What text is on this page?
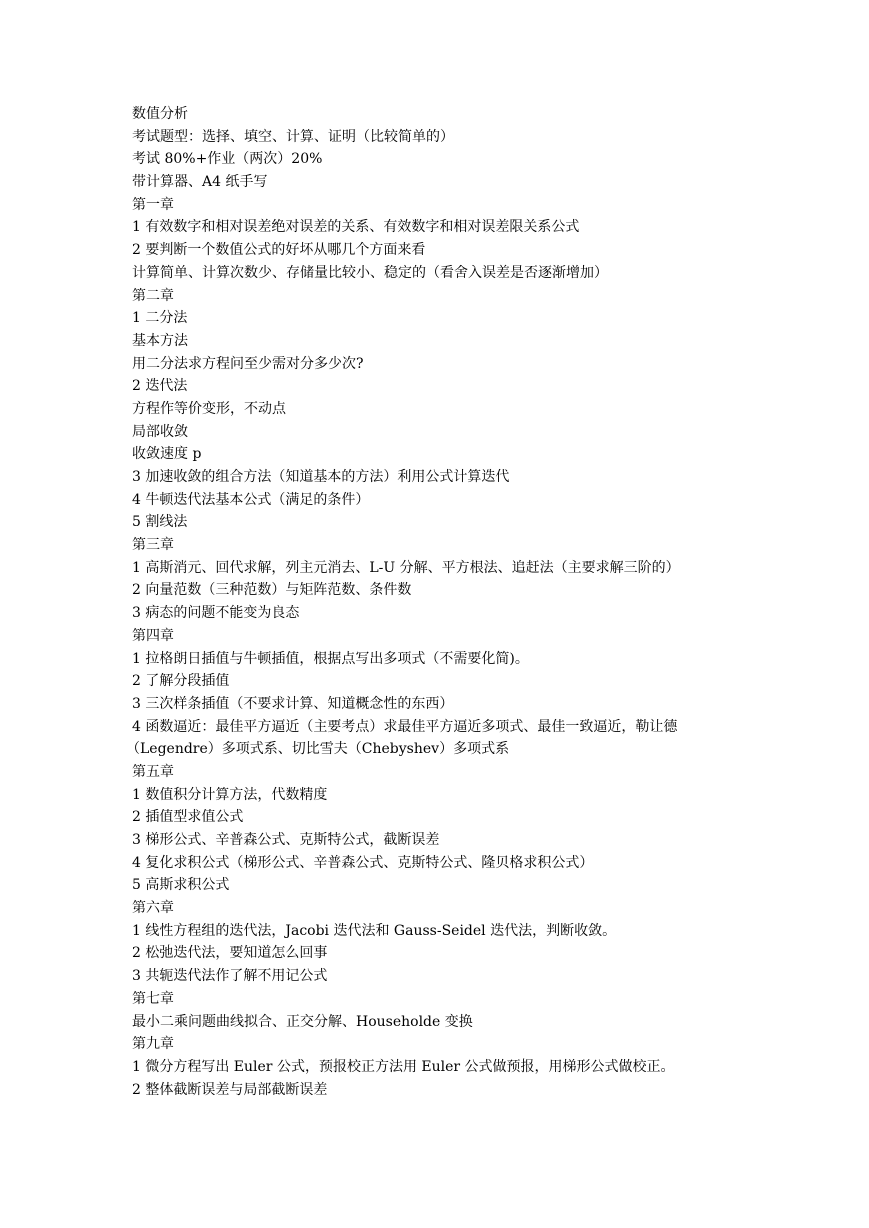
数值分析
考试题型：选择、填空、计算、证明（比较简单的）
考试 80%+作业（两次）20%
带计算器、A4 纸手写
第一章
1 有效数字和相对误差绝对误差的关系、有效数字和相对误差限关系公式
2 要判断一个数值公式的好坏从哪几个方面来看
计算简单、计算次数少、存储量比较小、稳定的（看舍入误差是否逐渐增加）
第二章
1 二分法
基本方法
用二分法求方程问至少需对分多少次?
2 迭代法
方程作等价变形，不动点
局部收敛
收敛速度 p
3 加速收敛的组合方法（知道基本的方法）利用公式计算迭代
4 牛顿迭代法基本公式（满足的条件）
5 割线法
第三章
1 高斯消元、回代求解，列主元消去、L-U 分解、平方根法、追赶法（主要求解三阶的）
2 向量范数（三种范数）与矩阵范数、条件数
3 病态的问题不能变为良态
第四章
1 拉格朗日插值与牛顿插值，根据点写出多项式（不需要化简)。
2 了解分段插值
3 三次样条插值（不要求计算、知道概念性的东西）
4 函数逼近：最佳平方逼近（主要考点）求最佳平方逼近多项式、最佳一致逼近，勒让德
（Legendre）多项式系、切比雪夫（Chebyshev）多项式系
第五章
1 数值积分计算方法，代数精度
2 插值型求值公式
3 梯形公式、辛普森公式、克斯特公式，截断误差
4 复化求积公式（梯形公式、辛普森公式、克斯特公式、隆贝格求积公式）
5 高斯求积公式
第六章
1 线性方程组的迭代法，Jacobi 迭代法和 Gauss-Seidel 迭代法，判断收敛。
2 松弛迭代法，要知道怎么回事
3 共轭迭代法作了解不用记公式
第七章
最小二乘问题曲线拟合、正交分解、Householde 变换
第九章
1 微分方程写出 Euler 公式，预报校正方法用 Euler 公式做预报，用梯形公式做校正。
2 整体截断误差与局部截断误差
